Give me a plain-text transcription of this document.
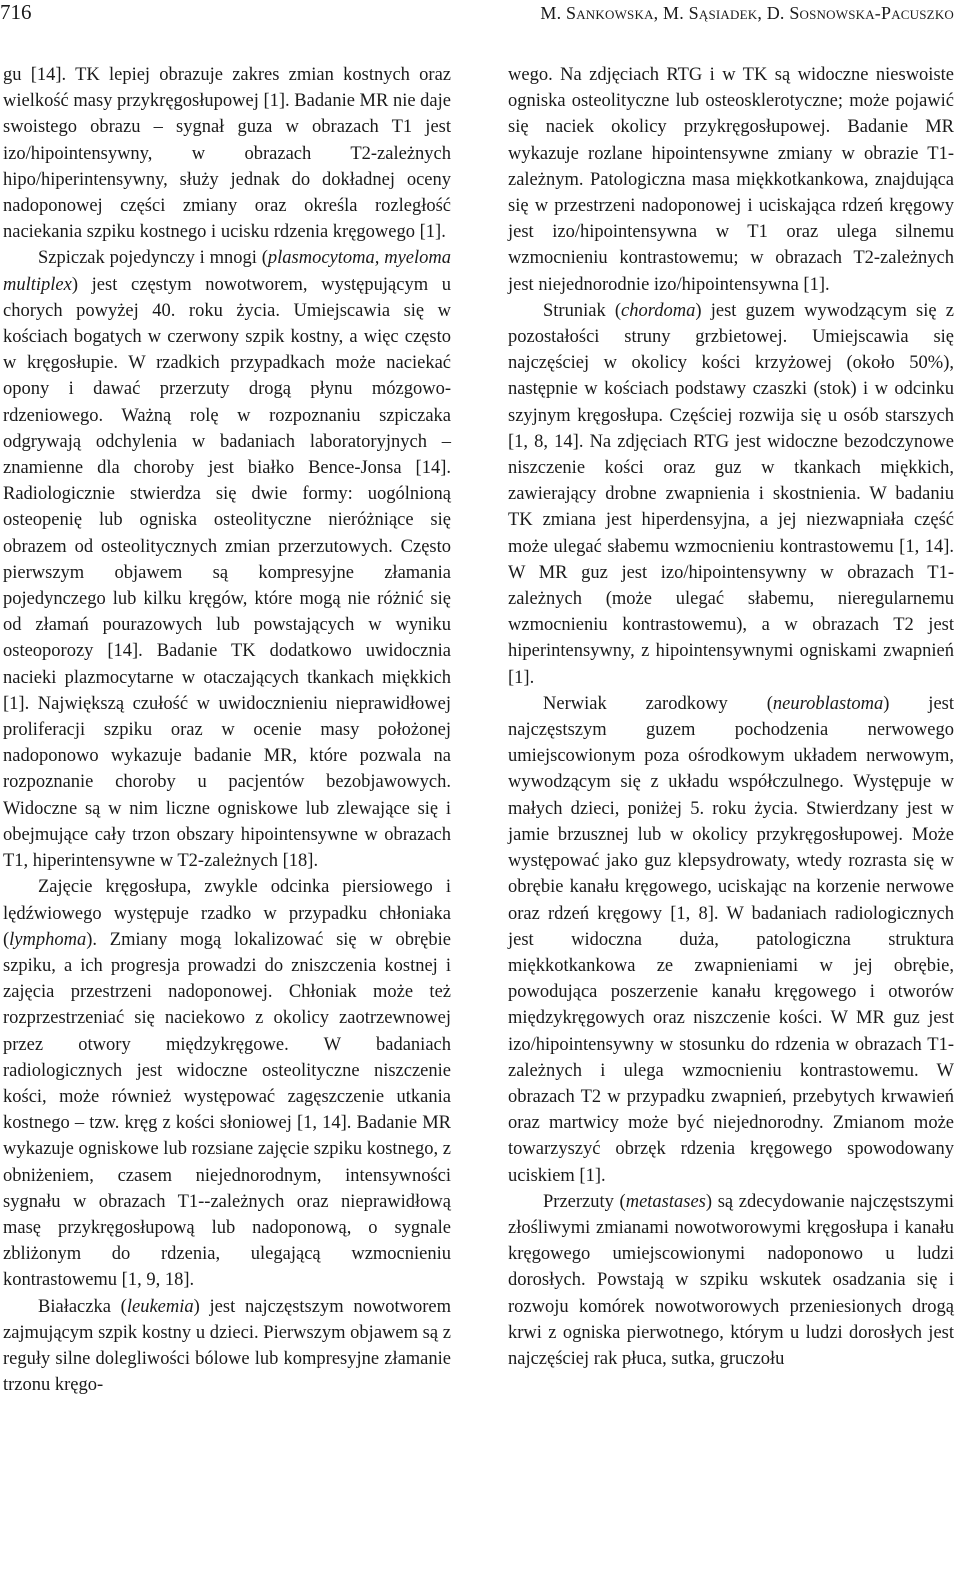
716	M. Sankowska, M. Sąsiadek, D. Sosnowska-Pacuszko

gu [14]. TK lepiej obrazuje zakres zmian kostnych oraz wielkość masy przykręgosłupowej [1]. Badanie MR nie daje swoistego obrazu – sygnał guza w obrazach T1 jest izo/hipointensywny, w obrazach T2-zależnych hipo/hiperintensywny, służy jednak do dokładnej oceny nadoponowej części zmiany oraz określa rozległość naciekania szpiku kostnego i ucisku rdzenia kręgowego [1].

Szpiczak pojedynczy i mnogi (plasmocytoma, myeloma multiplex) jest częstym nowotworem, występującym u chorych powyżej 40. roku życia. Umiejscawia się w kościach bogatych w czerwony szpik kostny, a więc często w kręgosłupie. W rzadkich przypadkach może naciekać opony i dawać przerzuty drogą płynu mózgowo-rdzeniowego. Ważną rolę w rozpoznaniu szpiczaka odgrywają odchylenia w badaniach laboratoryjnych – znamienne dla choroby jest białko Bence-Jonsa [14]. Radiologicznie stwierdza się dwie formy: uogólnioną osteopenię lub ogniska osteolityczne nieróżniące się obrazem od osteolitycznych zmian przerzutowych. Często pierwszym objawem są kompresyjne złamania pojedynczego lub kilku kręgów, które mogą nie różnić się od złamań pourazowych lub powstających w wyniku osteoporozy [14]. Badanie TK dodatkowo uwidocznia nacieki plazmocytarne w otaczających tkankach miękkich [1]. Największą czułość w uwidocznieniu nieprawidłowej proliferacji szpiku oraz w ocenie masy położonej nadoponowo wykazuje badanie MR, które pozwala na rozpoznanie choroby u pacjentów bezobjawowych. Widoczne są w nim liczne ogniskowe lub zlewające się i obejmujące cały trzon obszary hipointensywne w obrazach T1, hiperintensywne w T2-zależnych [18].

Zajęcie kręgosłupa, zwykle odcinka piersiowego i lędźwiowego występuje rzadko w przypadku chłoniaka (lymphoma). Zmiany mogą lokalizować się w obrębie szpiku, a ich progresja prowadzi do zniszczenia kostnej i zajęcia przestrzeni nadoponowej. Chłoniak może też rozprzestrzeniać się naciekowo z okolicy zaotrzewnowej przez otwory międzykręgowe. W badaniach radiologicznych jest widoczne osteolityczne niszczenie kości, może również występować zagęszczenie utkania kostnego – tzw. kręg z kości słoniowej [1, 14]. Badanie MR wykazuje ogniskowe lub rozsiane zajęcie szpiku kostnego, z obniżeniem, czasem niejednorodnym, intensywności sygnału w obrazach T1--zależnych oraz nieprawidłową masę przykręgosłupową lub nadoponową, o sygnale zbliżonym do rdzenia, ulegającą wzmocnieniu kontrastowemu [1, 9, 18].

Białaczka (leukemia) jest najczęstszym nowotworem zajmującym szpik kostny u dzieci. Pierwszym objawem są z reguły silne dolegliwości bólowe lub kompresyjne złamanie trzonu kręgo-

wego. Na zdjęciach RTG i w TK są widoczne nieswoiste ogniska osteolityczne lub osteosklerotyczne; może pojawić się naciek okolicy przykręgosłupowej. Badanie MR wykazuje rozlane hipointensywne zmiany w obrazie T1-zależnym. Patologiczna masa miękkotkankowa, znajdująca się w przestrzeni nadoponowej i uciskająca rdzeń kręgowy jest izo/hipointensywna w T1 oraz ulega silnemu wzmocnieniu kontrastowemu; w obrazach T2-zależnych jest niejednorodnie izo/hipointensywna [1].

Struniak (chordoma) jest guzem wywodzącym się z pozostałości struny grzbietowej. Umiejscawia się najczęściej w okolicy kości krzyżowej (około 50%), następnie w kościach podstawy czaszki (stok) i w odcinku szyjnym kręgosłupa. Częściej rozwija się u osób starszych [1, 8, 14]. Na zdjęciach RTG jest widoczne bezodczynowe niszczenie kości oraz guz w tkankach miękkich, zawierający drobne zwapnienia i skostnienia. W badaniu TK zmiana jest hiperdensyjna, a jej niezwapniała część może ulegać słabemu wzmocnieniu kontrastowemu [1, 14]. W MR guz jest izo/hipointensywny w obrazach T1-zależnych (może ulegać słabemu, nieregularnemu wzmocnieniu kontrastowemu), a w obrazach T2 jest hiperintensywny, z hipointensywnymi ogniskami zwapnień [1].

Nerwiak zarodkowy (neuroblastoma) jest najczęstszym guzem pochodzenia nerwowego umiejscowionym poza ośrodkowym układem nerwowym, wywodzącym się z układu współczulnego. Występuje w małych dzieci, poniżej 5. roku życia. Stwierdzany jest w jamie brzusznej lub w okolicy przykręgosłupowej. Może występować jako guz klepsydrowaty, wtedy rozrasta się w obrębie kanału kręgowego, uciskając na korzenie nerwowe oraz rdzeń kręgowy [1, 8]. W badaniach radiologicznych jest widoczna duża, patologiczna struktura miękkotkankowa ze zwapnieniami w jej obrębie, powodująca poszerzenie kanału kręgowego i otworów międzykręgowych oraz niszczenie kości. W MR guz jest izo/hipointensywny w stosunku do rdzenia w obrazach T1-zależnych i ulega wzmocnieniu kontrastowemu. W obrazach T2 w przypadku zwapnień, przebytych krwawień oraz martwicy może być niejednorodny. Zmianom może towarzyszyć obrzęk rdzenia kręgowego spowodowany uciskiem [1].

Przerzuty (metastases) są zdecydowanie najczęstszymi złośliwymi zmianami nowotworowymi kręgosłupa i kanału kręgowego umiejscowionymi nadoponowo u ludzi dorosłych. Powstają w szpiku wskutek osadzania się i rozwoju komórek nowotworowych przeniesionych drogą krwi z ogniska pierwotnego, którym u ludzi dorosłych jest najczęściej rak płuca, sutka, gruczołu
